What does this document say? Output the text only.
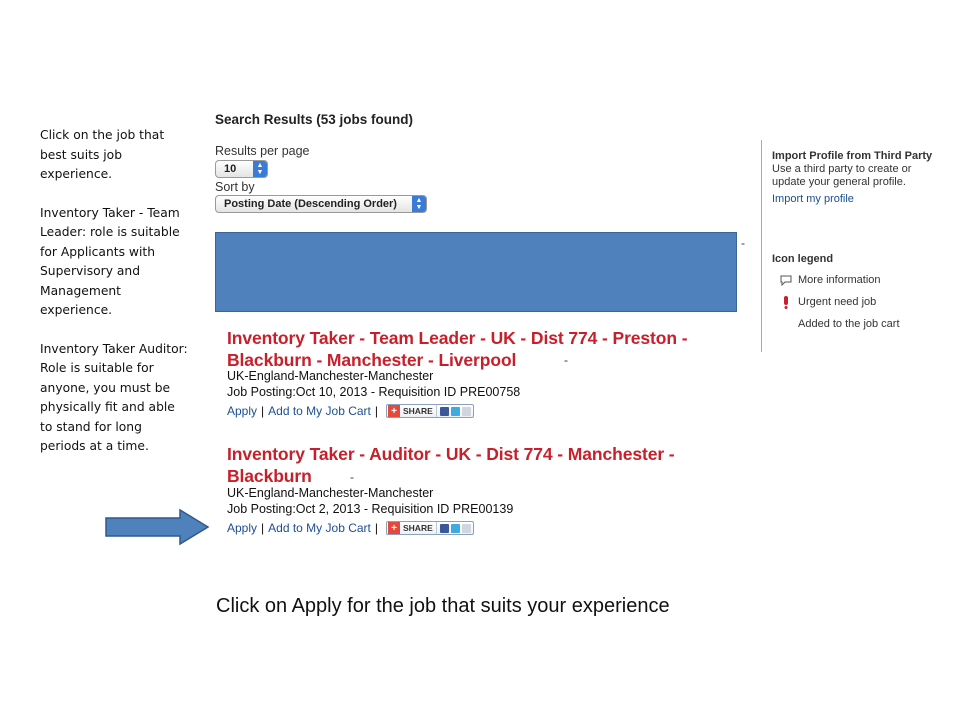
Click on the job that best suits job experience.

Inventory Taker - Team Leader: role is suitable for Applicants with Supervisory and Management experience.

Inventory Taker Auditor:

Role is suitable for anyone, you must be physically fit and able to stand for long periods at a time.

Search Results (53 jobs found)
Results per page
10	▲
▼
Sort by
Posting Date (Descending Order)	▲
▼
-
Inventory Taker - Team Leader - UK - Dist 774 - Preston -
Blackburn - Manchester - Liverpool	-
UK-England-Manchester-Manchester
Job Posting:Oct 10, 2013 - Requisition ID PRE00758
Apply | Add to My Job Cart |	+ SHARE
Inventory Taker - Auditor - UK - Dist 774 - Manchester -
Blackburn	-
UK-England-Manchester-Manchester
Job Posting:Oct 2, 2013 - Requisition ID PRE00139
Apply | Add to My Job Cart |	+ SHARE
Import Profile from Third Party
Use a third party to create or update your general profile.
Import my profile
Icon legend
More information
Urgent need job
Added to the job cart
Click on Apply for the job that suits your experience
